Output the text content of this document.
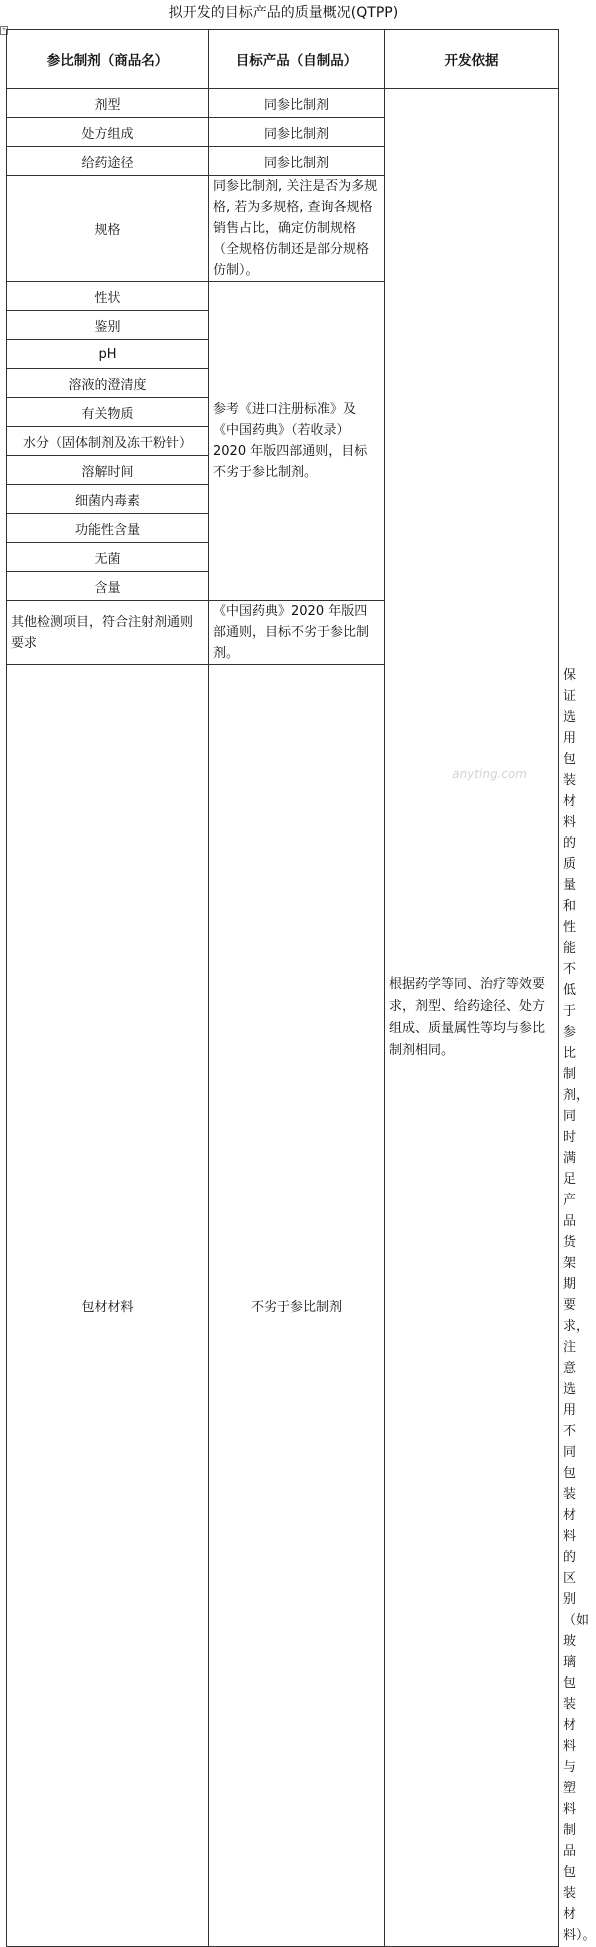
拟开发的目标产品的质量概况(QTPP)
+
参比制剂（商品名）	目标产品（自制品）	开发依据	
剂型	同参比制剂	根据药学等同、治疗等效要求，剂型、给药途径、处方组成、质量属性等均与参比制剂相同。	
处方组成	同参比制剂		
给药途径	同参比制剂		
规格	同参比制剂, 关注是否为多规格, 若为多规格, 查询各规格销售占比，确定仿制规格（全规格仿制还是部分规格仿制）。		
性状	参考《进口注册标准》及《中国药典》（若收录）2020 年版四部通则，目标不劣于参比制剂。		
鉴别			
pH			
溶液的澄清度			
有关物质			
水分（固体制剂及冻干粉针）			
溶解时间			
细菌内毒素			
功能性含量			
无菌			
含量			
其他检测项目，符合注射剂通则要求	《中国药典》2020 年版四部通则，目标不劣于参比制剂。		
包材材料	不劣于参比制剂		保证选用包装材料的质量和性能不低于参比制剂，同时满足产品货架期要求，注意选用不同包装材料的区别（如玻璃包装材料与塑料制品包装材料）。
anyting.com
